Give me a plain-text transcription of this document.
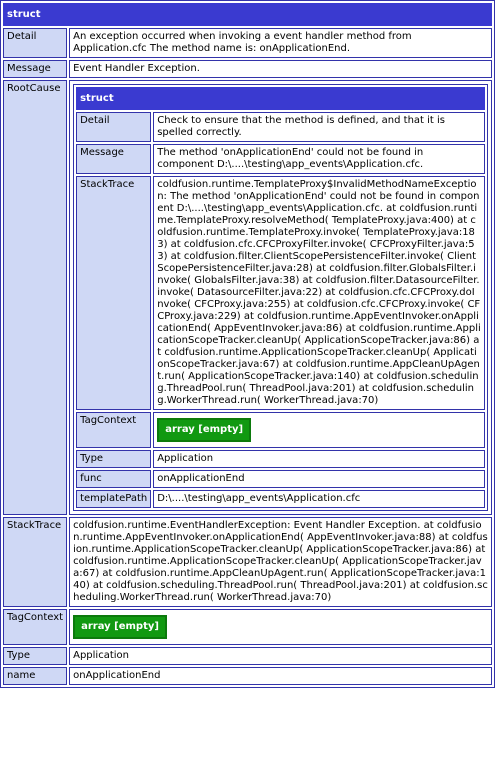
struct
Detail	An exception occurred when invoking a event handler method from Application.cfc The method name is: onApplicationEnd.
Message	Event Handler Exception.
RootCause	
struct
Detail	Check to ensure that the method is defined, and that it is spelled correctly.
Message	The method 'onApplicationEnd' could not be found in component D:\....\testing\app_events\Application.cfc.
StackTrace	coldfusion.runtime.TemplateProxy$InvalidMethodNameException: The method 'onApplicationEnd' could not be found in component D:\....\testing\app_events\Application.cfc. at coldfusion.runtime.TemplateProxy.resolveMethod( TemplateProxy.java:400) at coldfusion.runtime.TemplateProxy.invoke( TemplateProxy.java:183) at coldfusion.cfc.CFCProxyFilter.invoke( CFCProxyFilter.java:53) at coldfusion.filter.ClientScopePersistenceFilter.invoke( ClientScopePersistenceFilter.java:28) at coldfusion.filter.GlobalsFilter.invoke( GlobalsFilter.java:38) at coldfusion.filter.DatasourceFilter.invoke( DatasourceFilter.java:22) at coldfusion.cfc.CFCProxy.doInvoke( CFCProxy.java:255) at coldfusion.cfc.CFCProxy.invoke( CFCProxy.java:229) at coldfusion.runtime.AppEventInvoker.onApplicationEnd( AppEventInvoker.java:86) at coldfusion.runtime.ApplicationScopeTracker.cleanUp( ApplicationScopeTracker.java:86) at coldfusion.runtime.ApplicationScopeTracker.cleanUp( ApplicationScopeTracker.java:67) at coldfusion.runtime.AppCleanUpAgent.run( ApplicationScopeTracker.java:140) at coldfusion.scheduling.ThreadPool.run( ThreadPool.java:201) at coldfusion.scheduling.WorkerThread.run( WorkerThread.java:70)
TagContext	array [empty]
Type	Application
func	onApplicationEnd
templatePath	D:\....\testing\app_events\Application.cfc

StackTrace	coldfusion.runtime.EventHandlerException: Event Handler Exception. at coldfusion.runtime.AppEventInvoker.onApplicationEnd( AppEventInvoker.java:88) at coldfusion.runtime.ApplicationScopeTracker.cleanUp( ApplicationScopeTracker.java:86) at coldfusion.runtime.ApplicationScopeTracker.cleanUp( ApplicationScopeTracker.java:67) at coldfusion.runtime.AppCleanUpAgent.run( ApplicationScopeTracker.java:140) at coldfusion.scheduling.ThreadPool.run( ThreadPool.java:201) at coldfusion.scheduling.WorkerThread.run( WorkerThread.java:70)
TagContext	array [empty]
Type	Application
name	onApplicationEnd
